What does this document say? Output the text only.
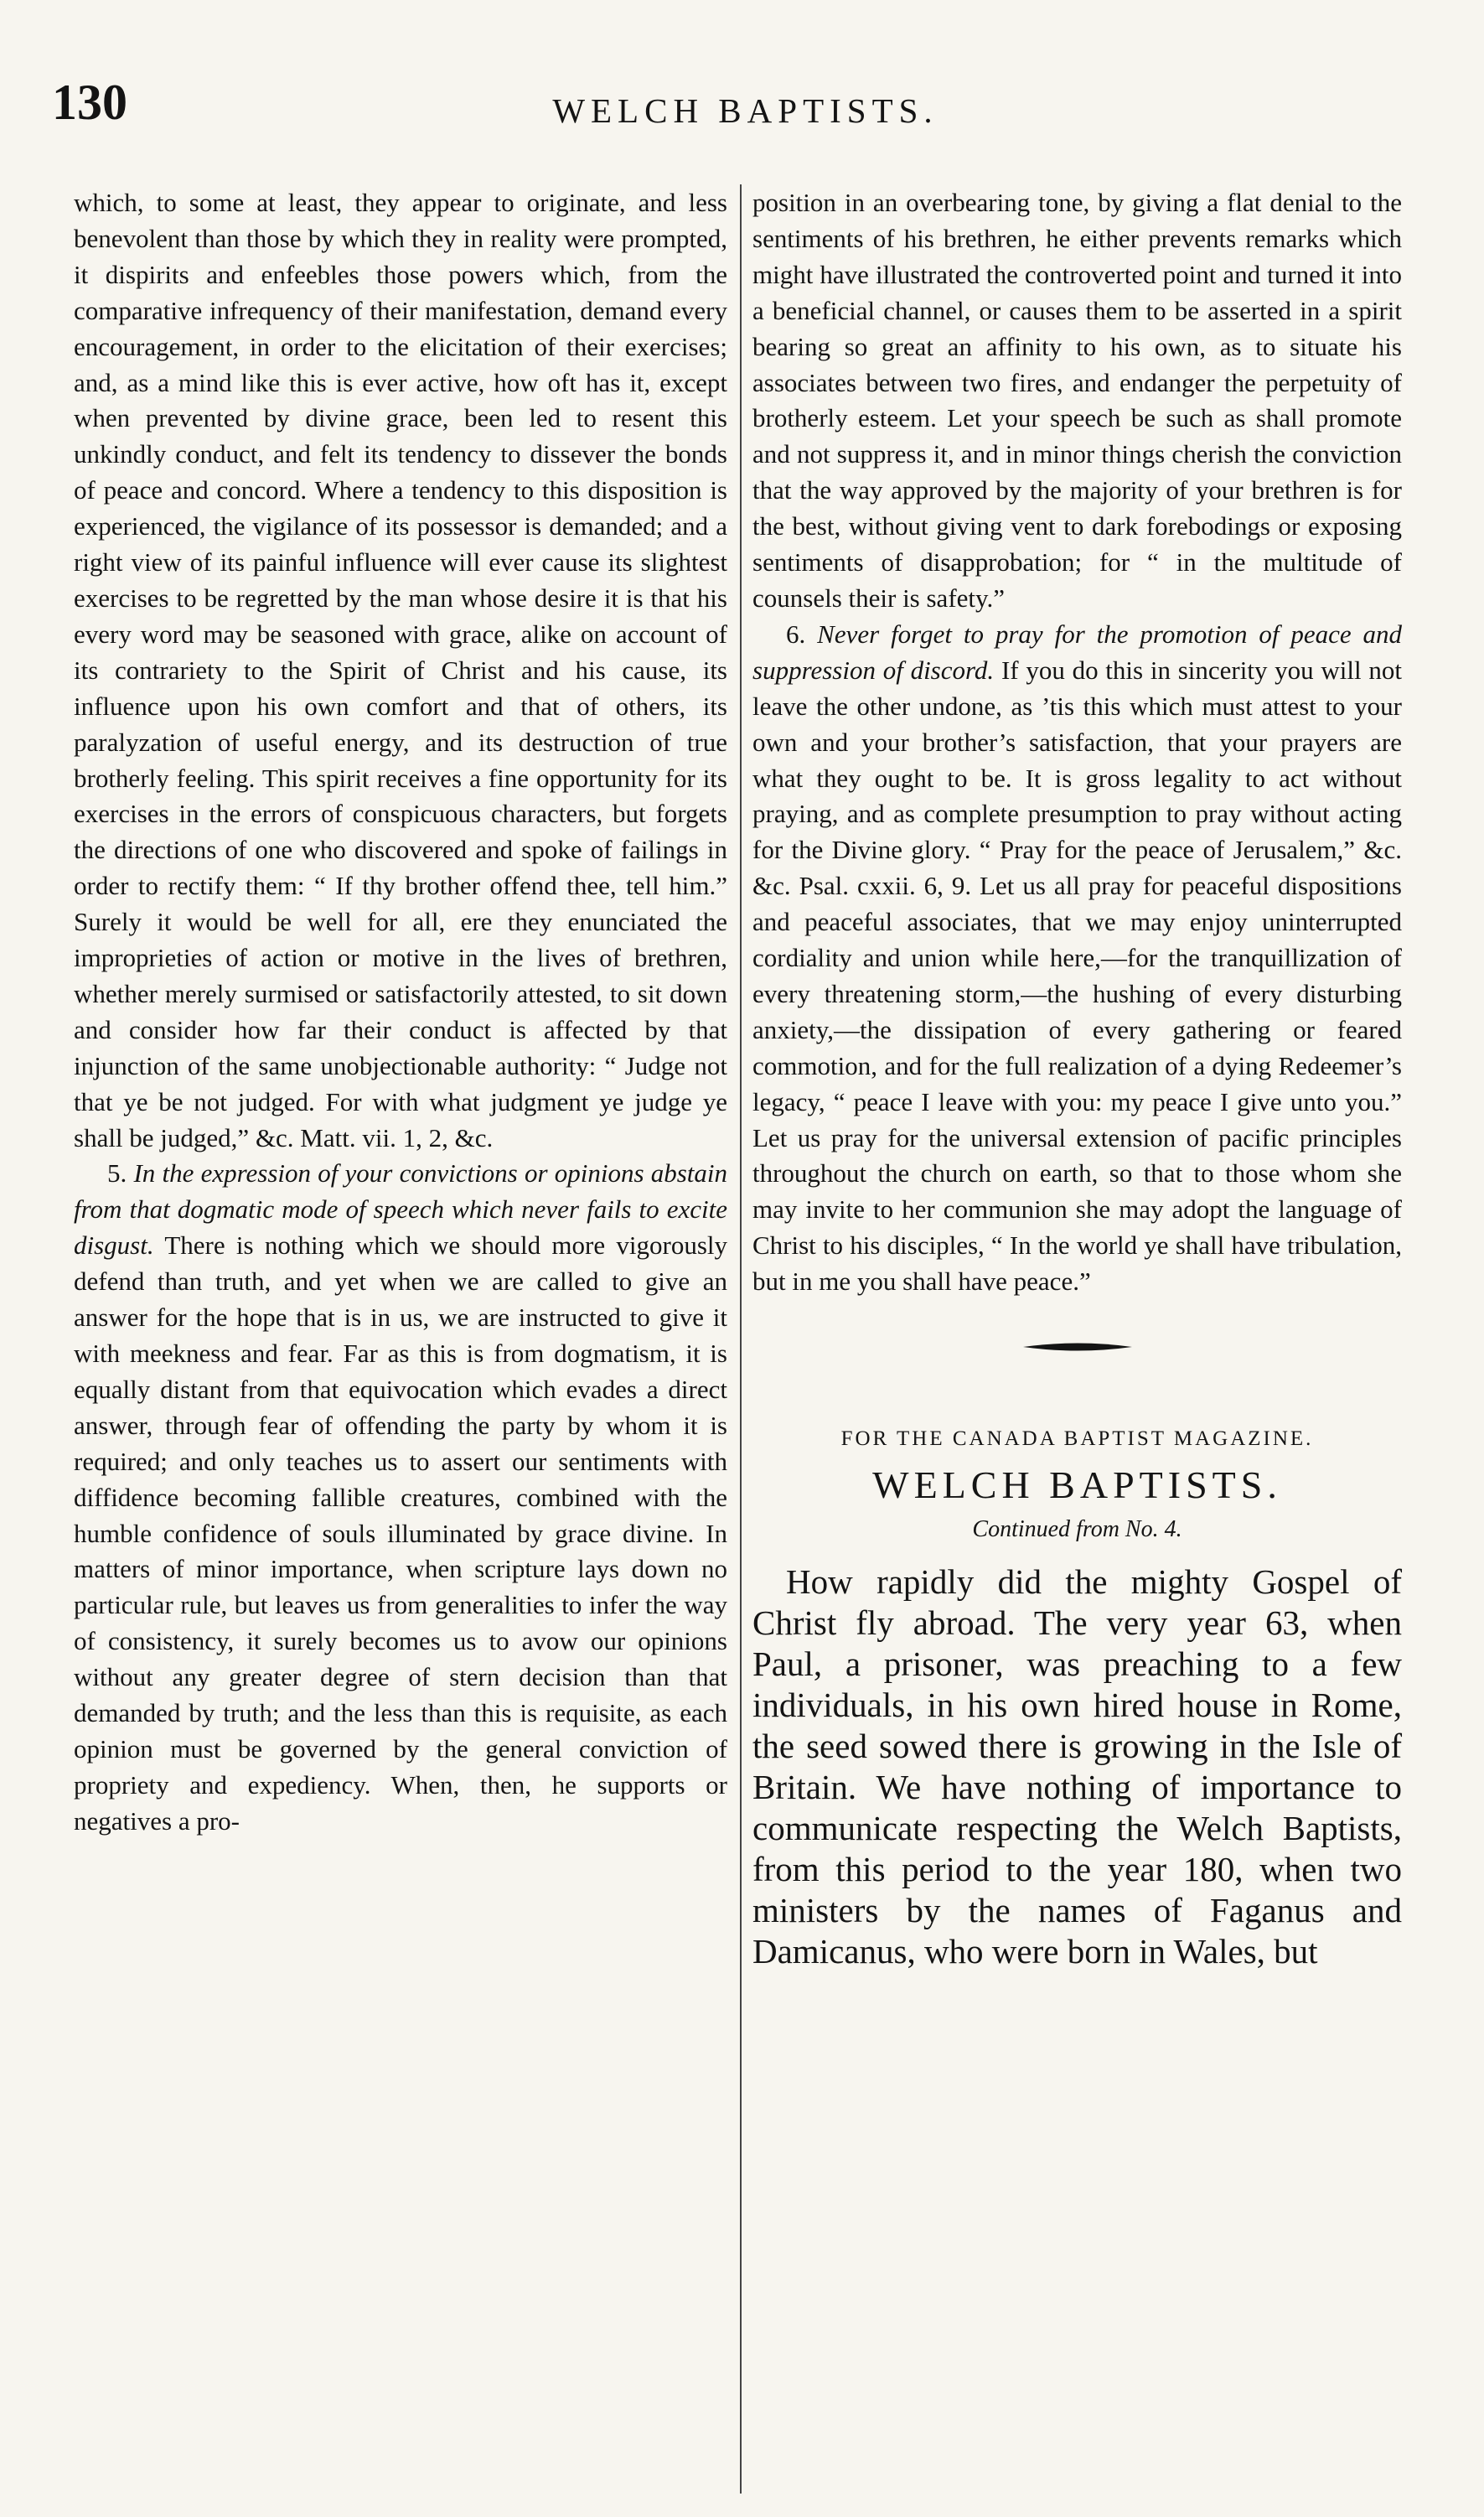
130	WELCH BAPTISTS.

which, to some at least, they appear to originate, and less benevolent than those by which they in reality were prompted, it dispirits and enfeebles those powers which, from the comparative infrequency of their manifestation, demand every encouragement, in order to the elicitation of their exercises; and, as a mind like this is ever active, how oft has it, except when prevented by divine grace, been led to resent this unkindly conduct, and felt its tendency to dissever the bonds of peace and concord. Where a tendency to this disposition is experienced, the vigilance of its possessor is demanded; and a right view of its painful influence will ever cause its slightest exercises to be regretted by the man whose desire it is that his every word may be seasoned with grace, alike on account of its contrariety to the Spirit of Christ and his cause, its influence upon his own comfort and that of others, its paralyzation of useful energy, and its destruction of true brotherly feeling. This spirit receives a fine opportunity for its exercises in the errors of conspicuous characters, but forgets the directions of one who discovered and spoke of failings in order to rectify them: “ If thy brother offend thee, tell him.” Surely it would be well for all, ere they enunciated the improprieties of action or motive in the lives of brethren, whether merely surmised or satisfactorily attested, to sit down and consider how far their conduct is affected by that injunction of the same unobjectionable authority: “ Judge not that ye be not judged. For with what judgment ye judge ye shall be judged,” &c. Matt. vii. 1, 2, &c.

5. In the expression of your convictions or opinions abstain from that dogmatic mode of speech which never fails to excite disgust. There is nothing which we should more vigorously defend than truth, and yet when we are called to give an answer for the hope that is in us, we are instructed to give it with meekness and fear. Far as this is from dogmatism, it is equally distant from that equivocation which evades a direct answer, through fear of offending the party by whom it is required; and only teaches us to assert our sentiments with diffidence becoming fallible creatures, combined with the humble confidence of souls illuminated by grace divine. In matters of minor importance, when scripture lays down no particular rule, but leaves us from generalities to infer the way of consistency, it surely becomes us to avow our opinions without any greater degree of stern decision than that demanded by truth; and the less than this is requisite, as each opinion must be governed by the general conviction of propriety and expediency. When, then, he supports or negatives a pro-

position in an overbearing tone, by giving a flat denial to the sentiments of his brethren, he either prevents remarks which might have illustrated the controverted point and turned it into a beneficial channel, or causes them to be asserted in a spirit bearing so great an affinity to his own, as to situate his associates between two fires, and endanger the perpetuity of brotherly esteem. Let your speech be such as shall promote and not suppress it, and in minor things cherish the conviction that the way approved by the majority of your brethren is for the best, without giving vent to dark forebodings or exposing sentiments of disapprobation; for “ in the multitude of counsels their is safety.”

6. Never forget to pray for the promotion of peace and suppression of discord. If you do this in sincerity you will not leave the other undone, as ’tis this which must attest to your own and your brother’s satisfaction, that your prayers are what they ought to be. It is gross legality to act without praying, and as complete presumption to pray without acting for the Divine glory. “ Pray for the peace of Jerusalem,” &c. &c. Psal. cxxii. 6, 9. Let us all pray for peaceful dispositions and peaceful associates, that we may enjoy uninterrupted cordiality and union while here,—for the tranquillization of every threatening storm,—the hushing of every disturbing anxiety,—the dissipation of every gathering or feared commotion, and for the full realization of a dying Redeemer’s legacy, “ peace I leave with you: my peace I give unto you.” Let us pray for the universal extension of pacific principles throughout the church on earth, so that to those whom she may invite to her communion she may adopt the language of Christ to his disciples, “ In the world ye shall have tribulation, but in me you shall have peace.”

FOR THE CANADA BAPTIST MAGAZINE.
WELCH BAPTISTS.
Continued from No. 4.

How rapidly did the mighty Gospel of Christ fly abroad. The very year 63, when Paul, a prisoner, was preaching to a few individuals, in his own hired house in Rome, the seed sowed there is growing in the Isle of Britain. We have nothing of importance to communicate respecting the Welch Baptists, from this period to the year 180, when two ministers by the names of Faganus and Damicanus, who were born in Wales, but
